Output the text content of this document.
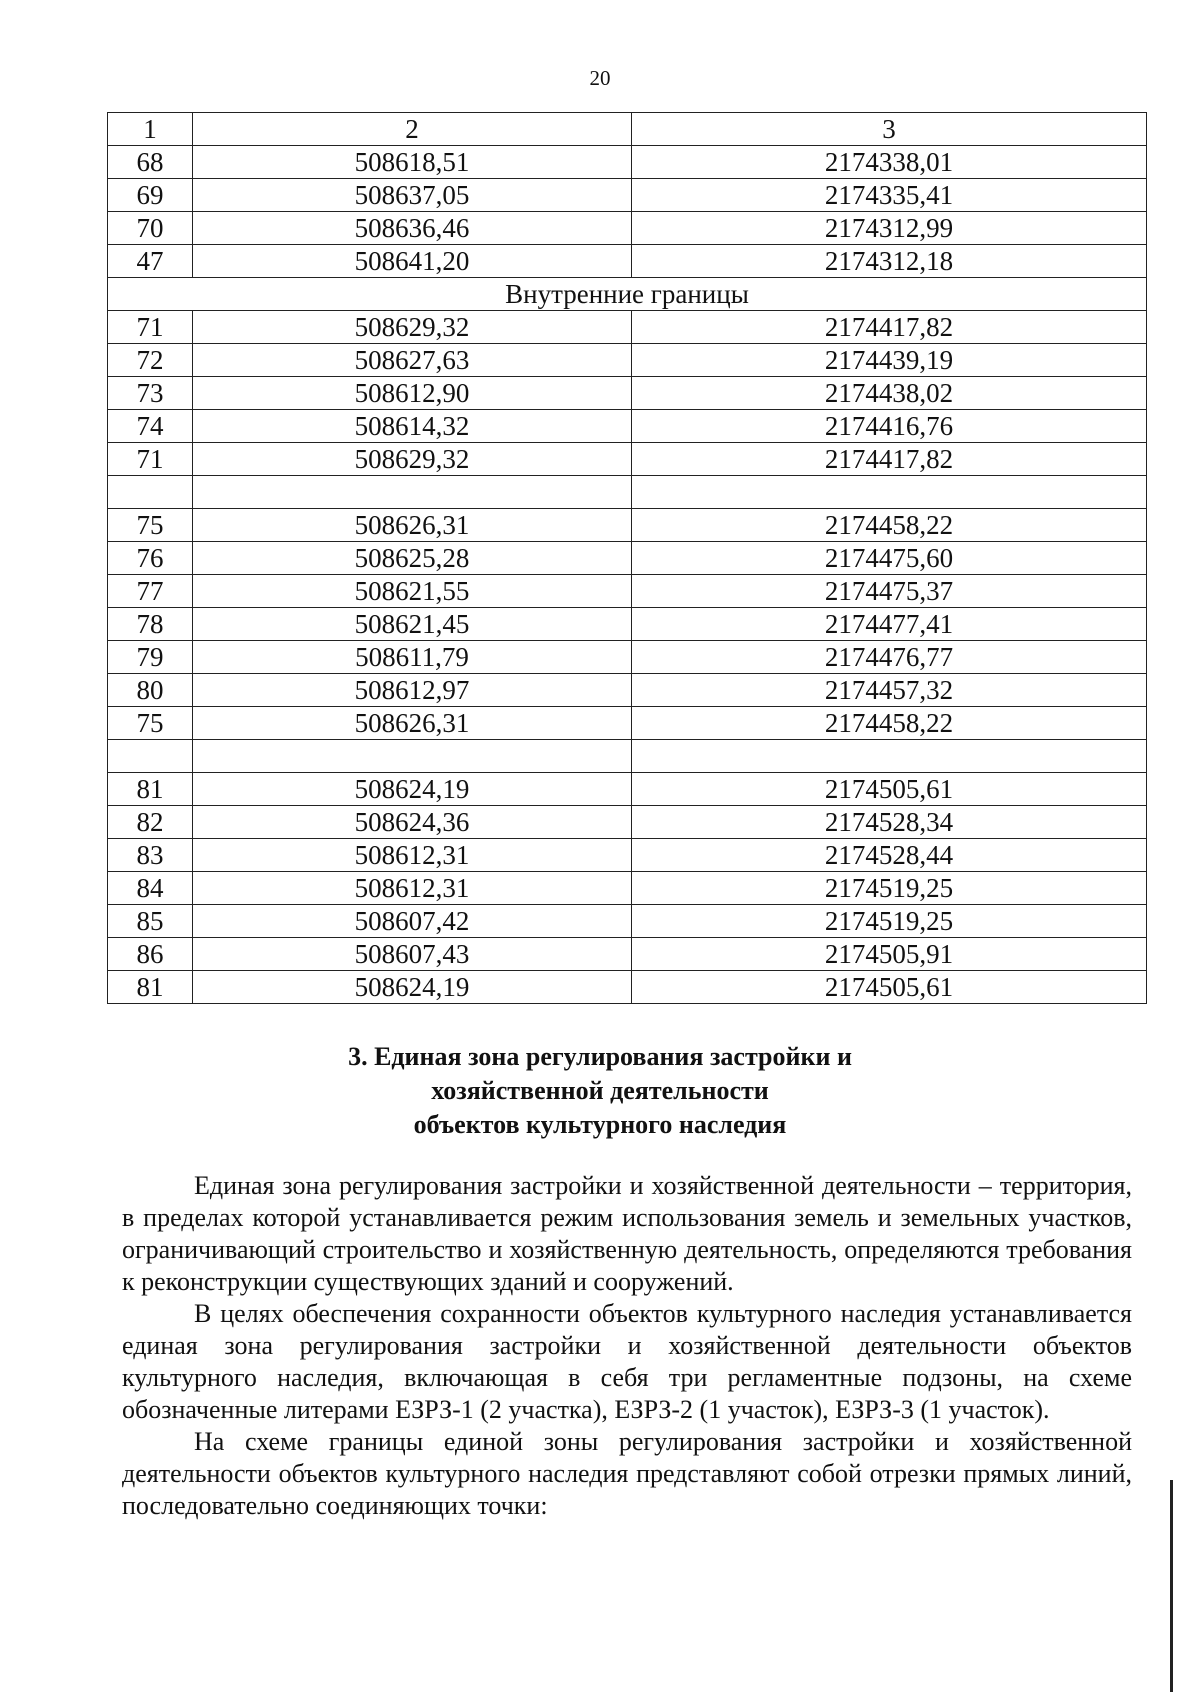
20
1	2	3
68	508618,51	2174338,01
69	508637,05	2174335,41
70	508636,46	2174312,99
47	508641,20	2174312,18
Внутренние границы		
71	508629,32	2174417,82
72	508627,63	2174439,19
73	508612,90	2174438,02
74	508614,32	2174416,76
71	508629,32	2174417,82

75	508626,31	2174458,22
76	508625,28	2174475,60
77	508621,55	2174475,37
78	508621,45	2174477,41
79	508611,79	2174476,77
80	508612,97	2174457,32
75	508626,31	2174458,22

81	508624,19	2174505,61
82	508624,36	2174528,34
83	508612,31	2174528,44
84	508612,31	2174519,25
85	508607,42	2174519,25
86	508607,43	2174505,91
81	508624,19	2174505,61
3. Единая зона регулирования застройки и
хозяйственной деятельности
объектов культурного наследия

Единая зона регулирования застройки и хозяйственной деятельности – территория, в пределах которой устанавливается режим использования земель и земельных участков, ограничивающий строительство и хозяйственную деятельность, определяются требования к реконструкции существующих зданий и сооружений.

В целях обеспечения сохранности объектов культурного наследия устанавливается единая зона регулирования застройки и хозяйственной деятельности объектов культурного наследия, включающая в себя три регламентные подзоны, на схеме обозначенные литерами ЕЗРЗ-1 (2 участка), ЕЗРЗ-2 (1 участок), ЕЗРЗ-3 (1 участок).

На схеме границы единой зоны регулирования застройки и хозяйственной деятельности объектов культурного наследия представляют собой отрезки прямых линий, последовательно соединяющих точки:
